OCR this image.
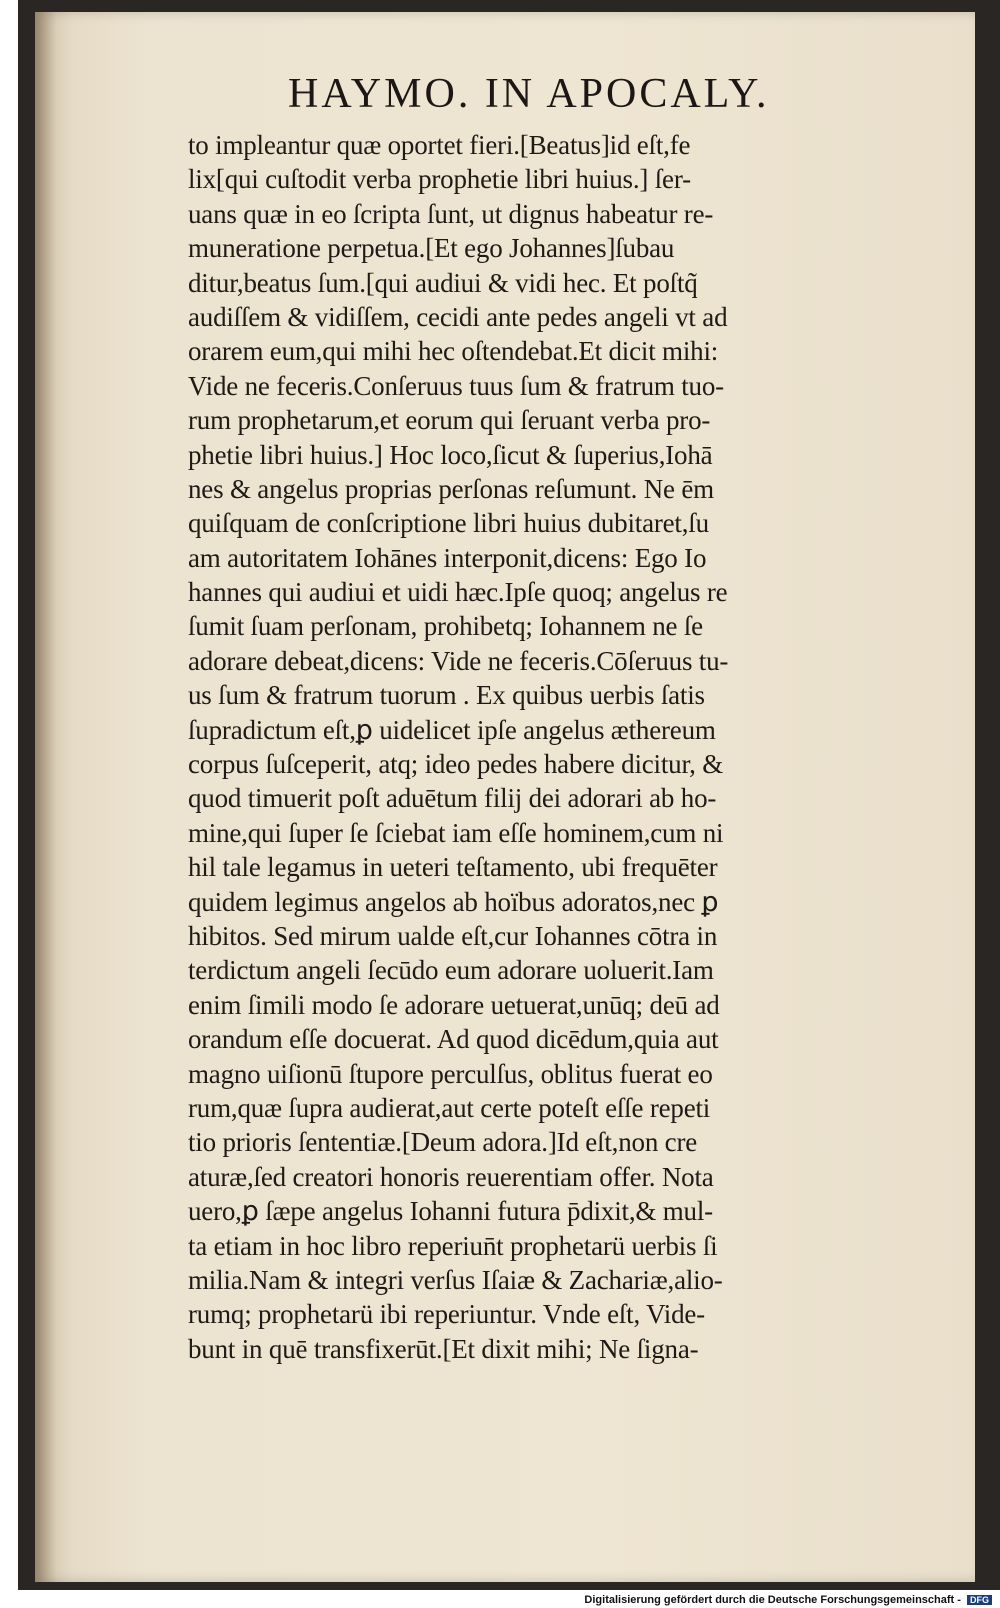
HAYMO. IN APOCALY.
to impleantur quæ oportet fieri.[Beatus]id eſt,fe
lix[qui cuſtodit verba prophetie libri huius.] ſer-
uans quæ in eo ſcripta ſunt, ut dignus habeatur re-
muneratione perpetua.[Et ego Johannes]ſubau
ditur,beatus ſum.[qui audiui & vidi hec. Et poſtq̃
audiſſem & vidiſſem, cecidi ante pedes angeli vt ad
orarem eum,qui mihi hec oſtendebat.Et dicit mihi:
Vide ne feceris.Conſeruus tuus ſum & fratrum tuo-
rum prophetarum,et eorum qui ſeruant verba pro-
phetie libri huius.] Hoc loco,ſicut & ſuperius,Iohā
nes & angelus proprias perſonas reſumunt. Ne ēm
quiſquam de conſcriptione libri huius dubitaret,ſu
am autoritatem Iohānes interponit,dicens: Ego Io
hannes qui audiui et uidi hæc.Ipſe quoq; angelus re
ſumit ſuam perſonam, prohibetq; Iohannem ne ſe
adorare debeat,dicens: Vide ne feceris.Cōſeruus tu-
us ſum & fratrum tuorum . Ex quibus uerbis ſatis
ſupradictum eſt,ꝑ uidelicet ipſe angelus æthereum
corpus ſuſceperit, atq; ideo pedes habere dicitur, &
quod timuerit poſt aduētum filij dei adorari ab ho-
mine,qui ſuper ſe ſciebat iam eſſe hominem,cum ni
hil tale legamus in ueteri teſtamento, ubi frequēter
quidem legimus angelos ab hoïbus adoratos,nec ꝑ
hibitos. Sed mirum ualde eſt,cur Iohannes cōtra in
terdictum angeli ſecūdo eum adorare uoluerit.Iam
enim ſimili modo ſe adorare uetuerat,unūq; deū ad
orandum eſſe docuerat. Ad quod dicēdum,quia aut
magno uiſionū ſtupore perculſus, oblitus fuerat eo
rum,quæ ſupra audierat,aut certe poteſt eſſe repeti
tio prioris ſententiæ.[Deum adora.]Id eſt,non cre
aturæ,ſed creatori honoris reuerentiam offer. Nota
uero,ꝑ ſæpe angelus Iohanni futura p̄dixit,& mul-
ta etiam in hoc libro reperiun̄t prophetarü uerbis ſi
milia.Nam & integri verſus Iſaiæ & Zachariæ,alio-
rumq; prophetarü ibi reperiuntur. Vnde eſt, Vide-
bunt in quē transfixerūt.[Et dixit mihi; Ne ſigna-
Digitalisierung gefördert durch die Deutsche Forschungsgemeinschaft - DFG
